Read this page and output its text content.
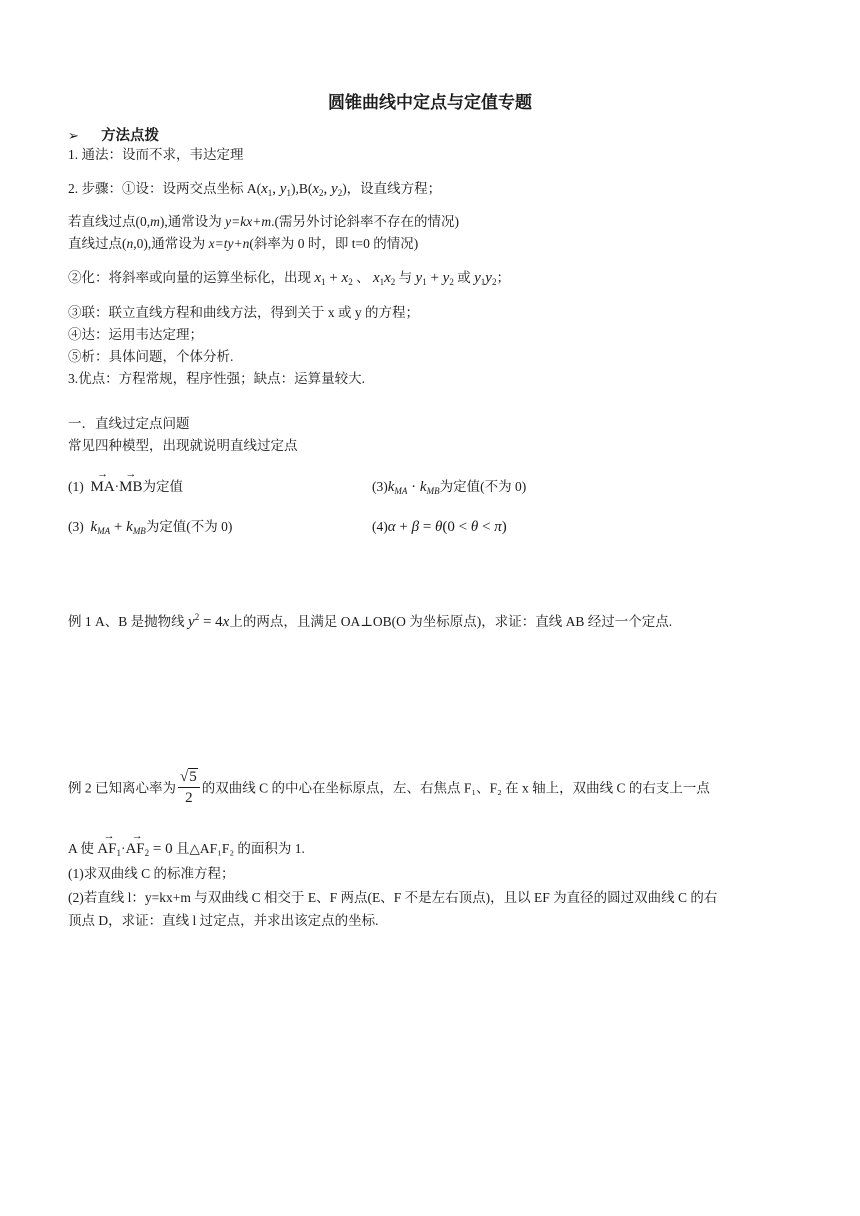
圆锥曲线中定点与定值专题
➢ 方法点拨
1. 通法：设而不求，韦达定理
2. 步骤：①设：设两交点坐标 $A(x_1$, $y_1),B(x_2$, $y_2$)，设直线方程；
若直线过点(0,m),通常设为 y=kx+m.(需另外讨论斜率不存在的情况)
直线过点(n,0),通常设为 x=ty+n(斜率为 0 时，即 t=0 的情况)
②化：将斜率或向量的运算坐标化，出现 $x_1 + x_2$ 、 $x_1x_2$ 与 $y_1 + y_2$ 或 $y_1y_2$；
③联：联立直线方程和曲线方法，得到关于 x 或 y 的方程；
④达：运用韦达定理；
⑤析：具体问题，个体分析.
3.优点：方程常规，程序性强；缺点：运算量较大.
一．直线过定点问题
常见四种模型，出现就说明直线过定点
(1)  → MA·→ MB为定值	$(3)k_{MA} \cdot k_{MB}$为定值(不为 0)
(3) $k_{MA} + k_{MB}$为定值(不为 0)	(4)α + β = θ(0 < θ < π)
例 1 A、B 是抛物线 $y^2 = 4x$上的两点，且满足 OA⊥OB(O 为坐标原点)，求证：直线 AB 经过一个定点.
例 2 已知离心率为 $\frac{√5}{2}$ 的双曲线 C 的中心在坐标原点，左、右焦点 F₁、F₂ 在 x 轴上，双曲线 C 的右支上一点
A 使 → $AF_1\cdot\to AF_2 = 0$ 且△AF₁F₂ 的面积为 1.
(1)求双曲线 C 的标准方程；
(2)若直线 l：y=kx+m 与双曲线 C 相交于 E、F 两点(E、F 不是左右顶点)，且以 EF 为直径的圆过双曲线 C 的右
顶点 D，求证：直线 l 过定点，并求出该定点的坐标.
